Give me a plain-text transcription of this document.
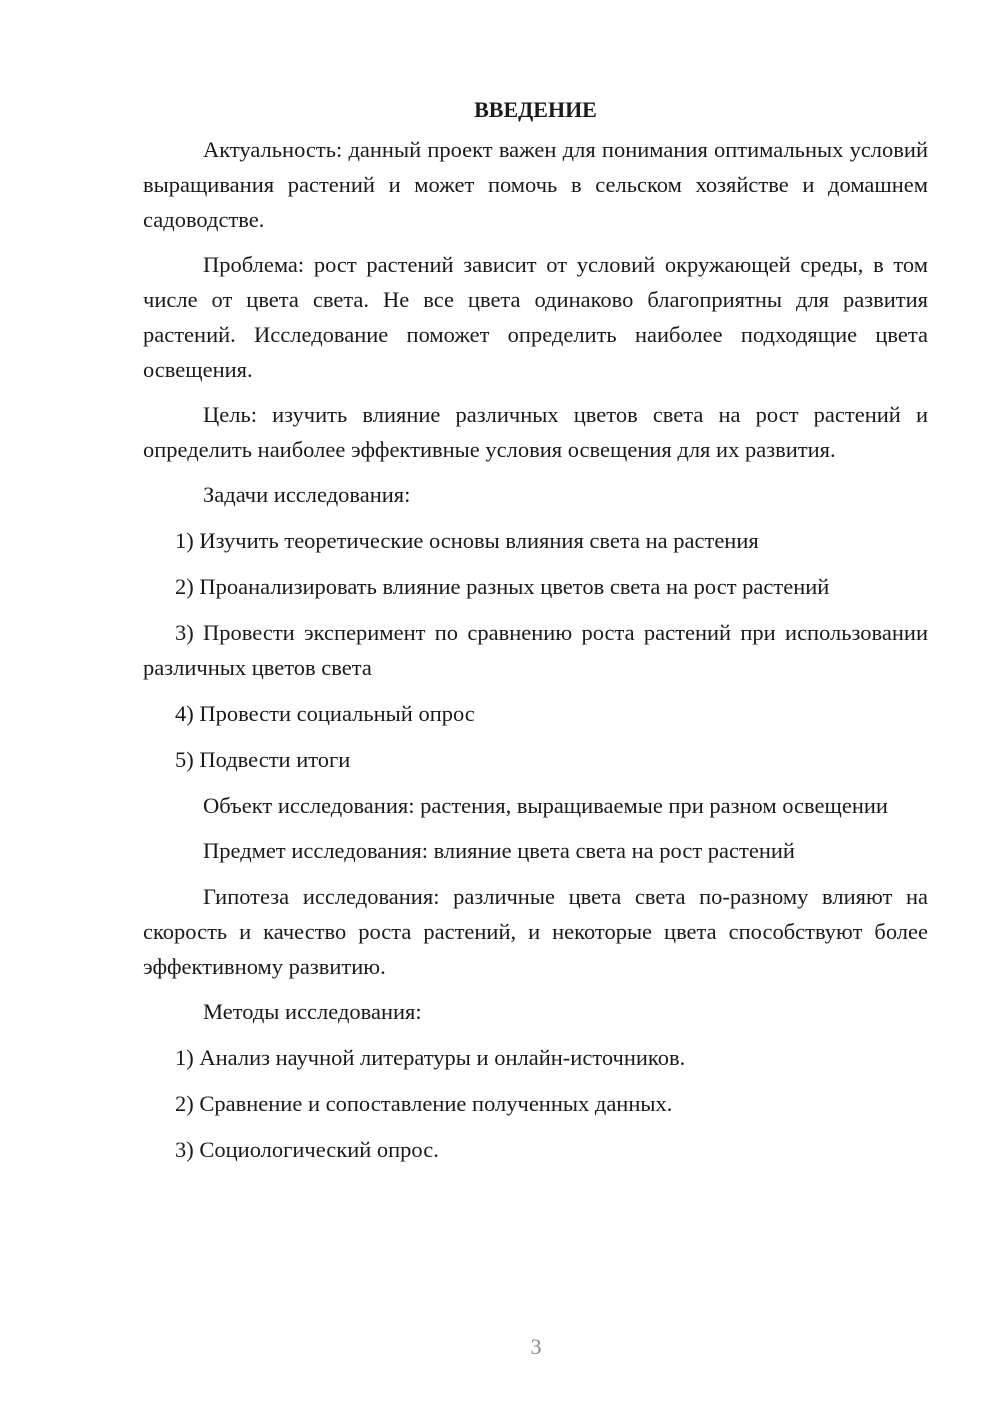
ВВЕДЕНИЕ

Актуальность: данный проект важен для понимания оптимальных условий выращивания растений и может помочь в сельском хозяйстве и домашнем садоводстве.

Проблема: рост растений зависит от условий окружающей среды, в том числе от цвета света. Не все цвета одинаково благоприятны для развития растений. Исследование поможет определить наиболее подходящие цвета освещения.

Цель: изучить влияние различных цветов света на рост растений и определить наиболее эффективные условия освещения для их развития.

Задачи исследования:

1) Изучить теоретические основы влияния света на растения

2) Проанализировать влияние разных цветов света на рост растений

3) Провести эксперимент по сравнению роста растений при использовании различных цветов света

4) Провести социальный опрос

5) Подвести итоги

Объект исследования: растения, выращиваемые при разном освещении

Предмет исследования: влияние цвета света на рост растений

Гипотеза исследования: различные цвета света по-разному влияют на скорость и качество роста растений, и некоторые цвета способствуют более эффективному развитию.

Методы исследования:

1) Анализ научной литературы и онлайн-источников.

2) Сравнение и сопоставление полученных данных.

3) Социологический опрос.

3
